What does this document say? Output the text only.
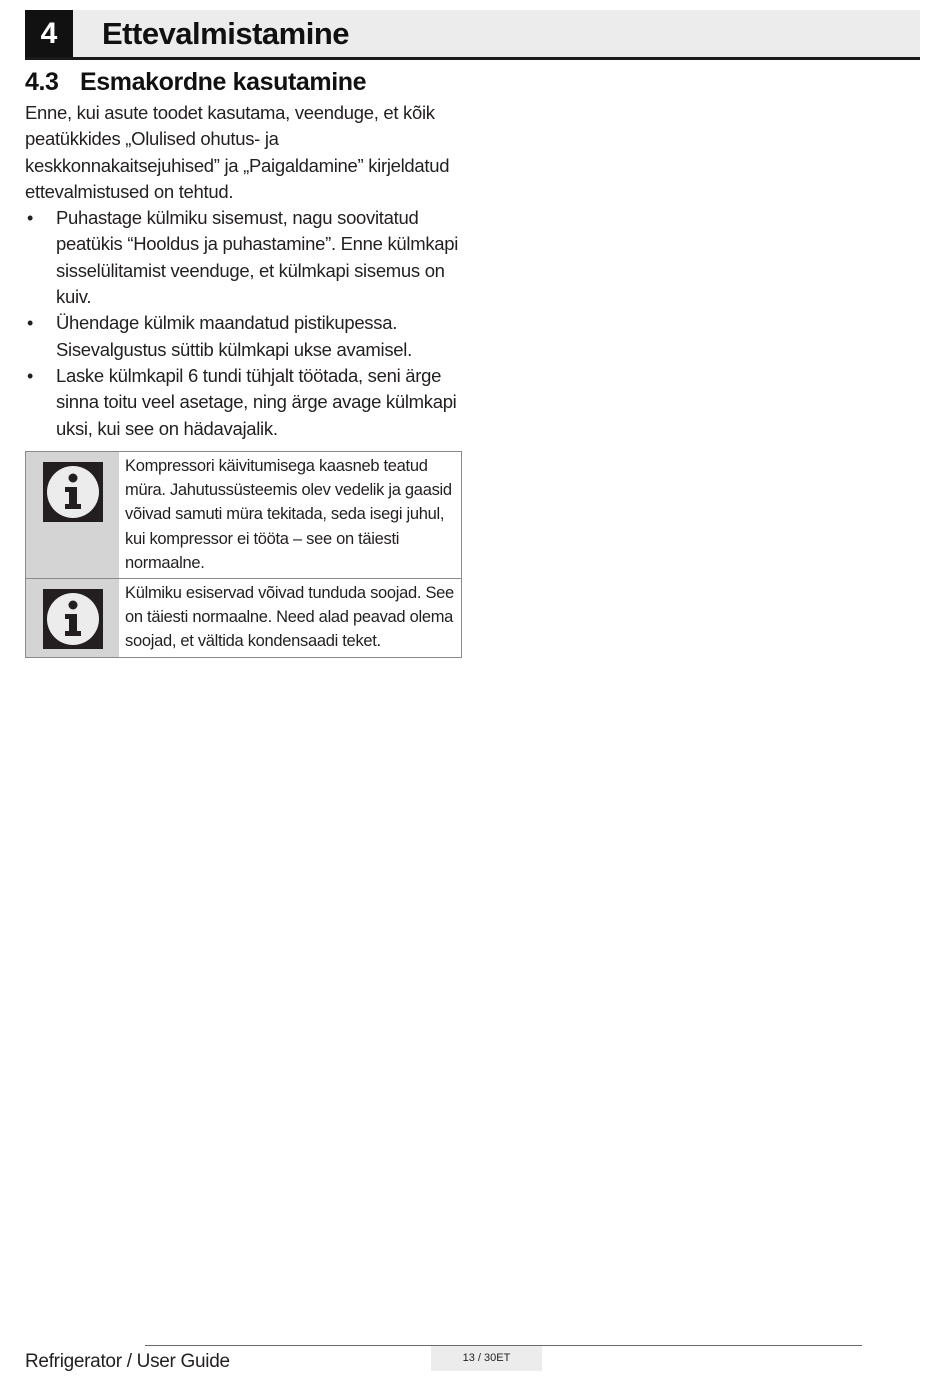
4	Ettevalmistamine
4.3 Esmakordne kasutamine

Enne, kui asute toodet kasutama, veenduge, et kõik peatükkides „Olulised ohutus- ja keskkonnakaitsejuhised” ja „Paigaldamine” kirjeldatud ettevalmistused on tehtud.

• Puhastage külmiku sisemust, nagu soovitatud peatükis “Hooldus ja puhastamine”. Enne külmkapi sisselülitamist veenduge, et külmkapi sisemus on kuiv.
• Ühendage külmik maandatud pistikupessa. Sisevalgustus süttib külmkapi ukse avamisel.
• Laske külmkapil 6 tundi tühjalt töötada, seni ärge sinna toitu veel asetage, ning ärge avage külmkapi uksi, kui see on hädavajalik.
Kompressori käivitumisega kaasneb teatud müra. Jahutussüsteemis olev vedelik ja gaasid võivad samuti müra tekitada, seda isegi juhul, kui kompressor ei tööta – see on täiesti normaalne.
Külmiku esiservad võivad tunduda soojad. See on täiesti normaalne. Need alad peavad olema soojad, et vältida kondensaadi teket.
Refrigerator / User Guide	13 / 30ET
